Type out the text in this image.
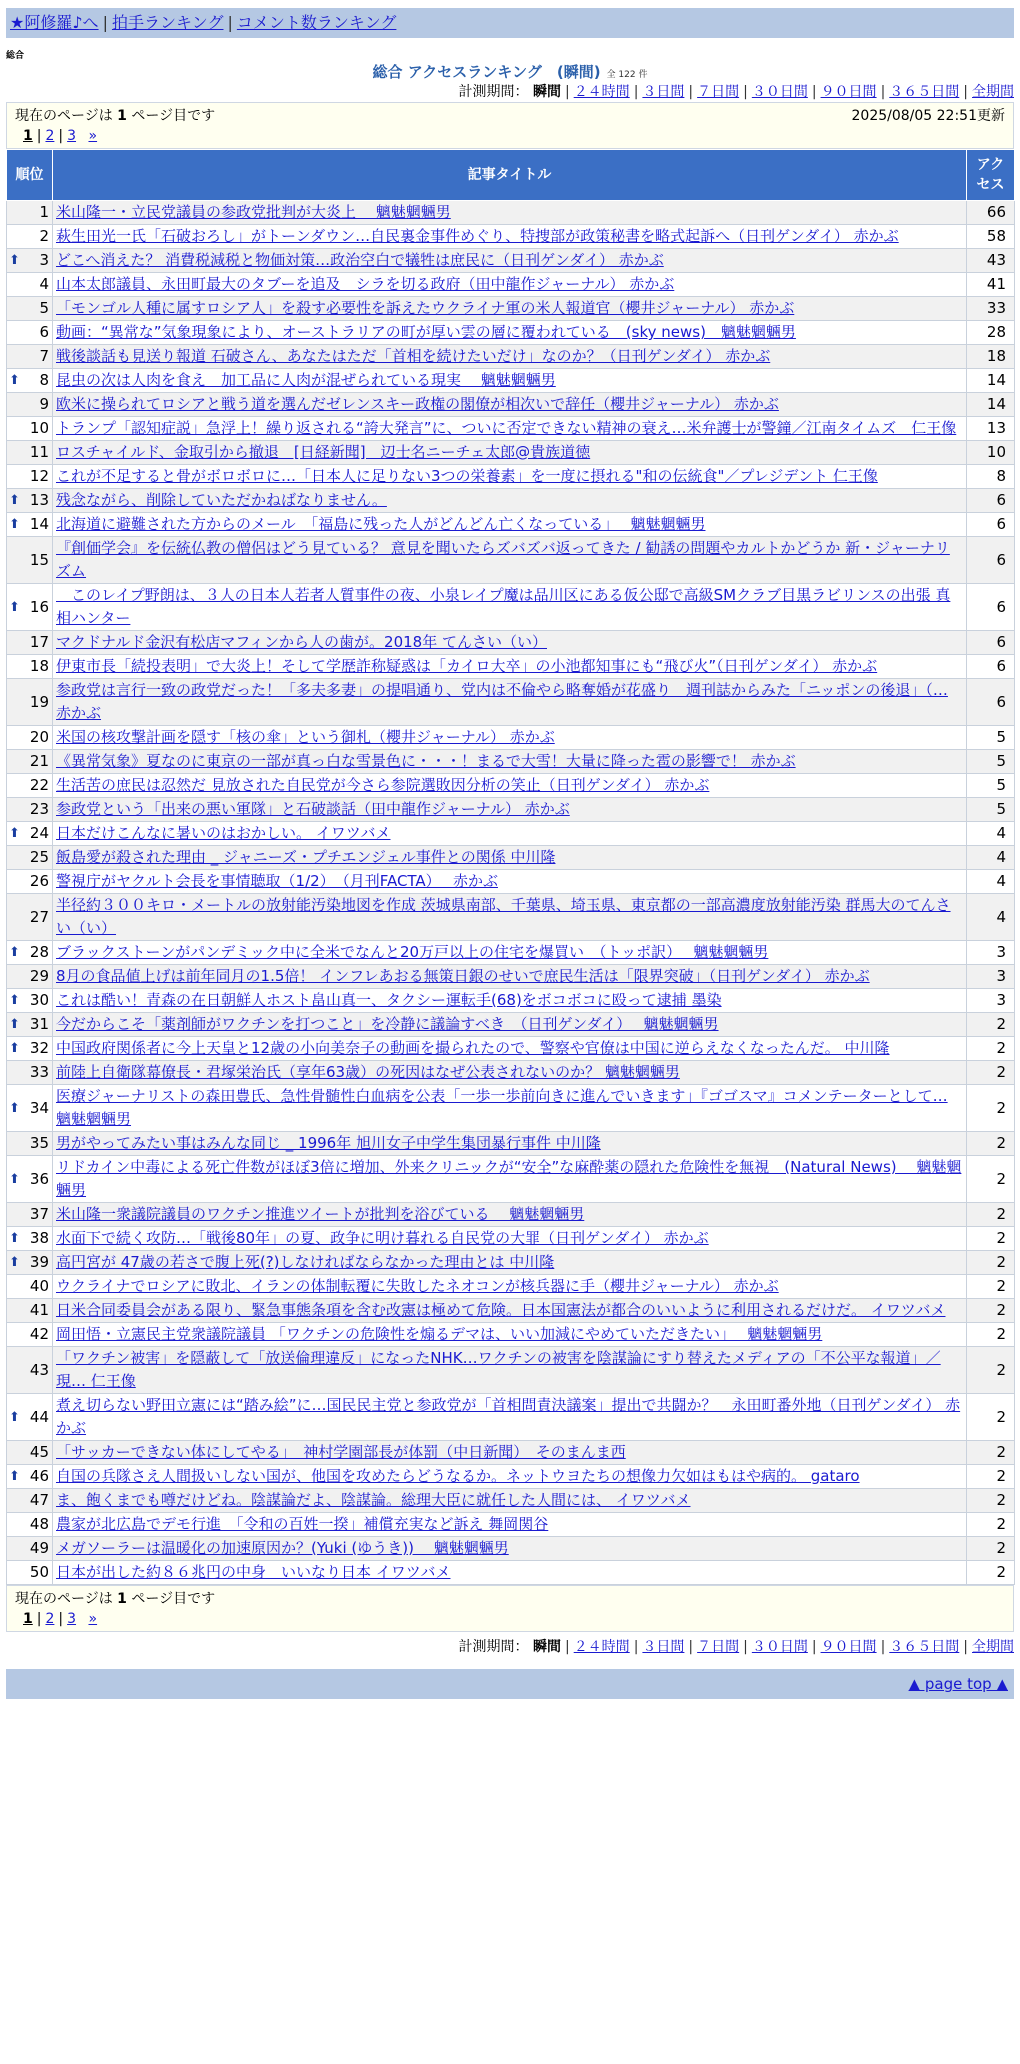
★阿修羅♪へ | 拍手ランキング | コメント数ランキング
総合
総合 アクセスランキング　(瞬間) 全 122 件
計測期間： 瞬間 | ２４時間 | ３日間 | ７日間 | ３０日間 | ９０日間 | ３６５日間 | 全期間
現在のページは 1 ページ目です	2025/08/05 22:51更新
1 | 2 | 3 »
順位	記事タイトル	アクセス
1	米山隆一・立民党議員の参政党批判が大炎上　 魑魅魍魎男	66
2	萩生田光一氏「石破おろし」がトーンダウン…自民裏金事件めぐり、特捜部が政策秘書を略式起訴へ（日刊ゲンダイ） 赤かぶ	58

⬆ 3	どこへ消えた？ 消費税減税と物価対策…政治空白で犠牲は庶民に（日刊ゲンダイ） 赤かぶ	43
4	山本太郎議員、永田町最大のタブーを追及　シラを切る政府（田中龍作ジャーナル） 赤かぶ	41
5	「モンゴル人種に属すロシア人」を殺す必要性を訴えたウクライナ軍の米人報道官（櫻井ジャーナル） 赤かぶ	33
6	動画：“異常な”気象現象により、オーストラリアの町が厚い雲の層に覆われている　(sky news)　魑魅魍魎男	28
7	戦後談話も見送り報道 石破さん、あなたはただ「首相を続けたいだけ」なのか？（日刊ゲンダイ） 赤かぶ	18

⬆ 8	昆虫の次は人肉を食え　加工品に人肉が混ぜられている現実　 魑魅魍魎男	14
9	欧米に操られてロシアと戦う道を選んだゼレンスキー政権の閣僚が相次いで辞任（櫻井ジャーナル） 赤かぶ	14
10	トランプ「認知症説」急浮上！繰り返される“誇大発言”に、ついに否定できない精神の衰え…米弁護士が警鐘／江南タイムズ　仁王像	13
11	ロスチャイルド、金取引から撤退　[日経新聞]　辺士名ニーチェ太郎@貴族道徳	10
12	これが不足すると骨がボロボロに…「日本人に足りない3つの栄養素」を一度に摂れる"和の伝統食"／プレジデント 仁王像	8

⬆ 13	残念ながら、削除していただかねばなりません。	6

⬆ 14	北海道に避難された方からのメール　「福島に残った人がどんどん亡くなっている」　 魑魅魍魎男	6
15	『創価学会』を伝統仏教の僧侶はどう見ている？ 意見を聞いたらズバズバ返ってきた / 勧誘の問題やカルトかどうか 新・ジャーナリズム	6

⬆ 16	　このレイプ野朗は、３人の日本人若者人質事件の夜、小泉レイプ魔は品川区にある仮公邸で高級SMクラブ目黒ラビリンスの出張 真相ハンター	6
17	マクドナルド金沢有松店マフィンから人の歯が。2018年 てんさい（い）	6
18	伊東市長「続投表明」で大炎上！そして学歴詐称疑惑は「カイロ大卒」の小池都知事にも“飛び火”（日刊ゲンダイ） 赤かぶ	6
19	参政党は言行一致の政党だった！「多夫多妻」の提唱通り、党内は不倫やら略奪婚が花盛り　週刊誌からみた「ニッポンの後退」（… 赤かぶ	6
20	米国の核攻撃計画を隠す「核の傘」という御札（櫻井ジャーナル） 赤かぶ	5
21	《異常気象》夏なのに東京の一部が真っ白な雪景色に・・・！まるで大雪！大量に降った雹の影響で！ 赤かぶ	5
22	生活苦の庶民は忍然だ 見放された自民党が今さら参院選敗因分析の笑止（日刊ゲンダイ） 赤かぶ	5
23	参政党という「出来の悪い軍隊」と石破談話（田中龍作ジャーナル） 赤かぶ	5

⬆ 24	日本だけこんなに暑いのはおかしい。 イワツバメ	4
25	飯島愛が殺された理由 _ ジャニーズ・プチエンジェル事件との関係 中川隆	4
26	警視庁がヤクルト会長を事情聴取（1/2）　（月刊FACTA）　 赤かぶ	4
27	半径約３００キロ・メートルの放射能汚染地図を作成 茨城県南部、千葉県、埼玉県、東京都の一部高濃度放射能汚染 群馬大のてんさい（い）	4

⬆ 28	ブラックストーンがパンデミック中に全米でなんと20万戸以上の住宅を爆買い　（トッポ訳）　 魑魅魍魎男	3
29	8月の食品値上げは前年同月の1.5倍！ インフレあおる無策日銀のせいで庶民生活は「限界突破」（日刊ゲンダイ） 赤かぶ	3

⬆ 30	これは酷い！青森の在日朝鮮人ホスト畠山真一、タクシー運転手(68)をボコボコに殴って逮捕 墨染	3

⬆ 31	今だからこそ「薬剤師がワクチンを打つこと」を冷静に議論すべき　（日刊ゲンダイ）　 魑魅魍魎男	2

⬆ 32	中国政府関係者に今上天皇と12歳の小向美奈子の動画を撮られたので、警察や官僚は中国に逆らえなくなったんだ。 中川隆	2
33	前陸上自衛隊幕僚長・君塚栄治氏（享年63歳）の死因はなぜ公表されないのか？ 魑魅魍魎男	2

⬆ 34	医療ジャーナリストの森田豊氏、急性骨髄性白血病を公表「一歩一歩前向きに進んでいきます」『ゴゴスマ』コメンテーターとして… 魑魅魍魎男	2
35	男がやってみたい事はみんな同じ _ 1996年 旭川女子中学生集団暴行事件 中川隆	2

⬆ 36	リドカイン中毒による死亡件数がほぼ3倍に増加、外来クリニックが“安全”な麻酔薬の隠れた危険性を無視　(Natural News)　 魑魅魍魎男	2
37	米山隆一衆議院議員のワクチン推進ツイートが批判を浴びている　 魑魅魍魎男	2

⬆ 38	水面下で続く攻防…「戦後80年」の夏、政争に明け暮れる自民党の大罪（日刊ゲンダイ） 赤かぶ	2

⬆ 39	高円宮が 47歳の若さで腹上死(?)しなければならなかった理由とは 中川隆	2
40	ウクライナでロシアに敗北、イランの体制転覆に失敗したネオコンが核兵器に手（櫻井ジャーナル） 赤かぶ	2
41	日米合同委員会がある限り、緊急事態条項を含む改憲は極めて危険。日本国憲法が都合のいいように利用されるだけだ。 イワツバメ	2
42	岡田悟・立憲民主党衆議院議員 「ワクチンの危険性を煽るデマは、いい加減にやめていただきたい」　 魑魅魍魎男	2
43	「ワクチン被害」を隠蔽して「放送倫理違反」になったNHK…ワクチンの被害を陰謀論にすり替えたメディアの「不公平な報道」／現… 仁王像	2

⬆ 44	煮え切らない野田立憲には“踏み絵”に…国民民主党と参政党が「首相問責決議案」提出で共闘か？　永田町番外地（日刊ゲンダイ） 赤かぶ	2
45	「サッカーできない体にしてやる」　神村学園部長が体罰（中日新聞）　そのまんま西	2

⬆ 46	自国の兵隊さえ人間扱いしない国が、他国を攻めたらどうなるか。ネットウヨたちの想像力欠如はもはや病的。 gataro	2
47	ま、飽くまでも噂だけどね。陰謀論だよ、陰謀論。総理大臣に就任した人間には、 イワツバメ	2
48	農家が北広島でデモ行進　「令和の百姓一揆」補償充実など訴え 舞岡関谷	2
49	メガソーラーは温暖化の加速原因か？(Yuki (ゆうき))　 魑魅魍魎男	2
50	日本が出した約８６兆円の中身　いいなり日本 イワツバメ	2
現在のページは 1 ページ目です
1 | 2 | 3 »
計測期間： 瞬間 | ２４時間 | ３日間 | ７日間 | ３０日間 | ９０日間 | ３６５日間 | 全期間
▲ page top ▲
